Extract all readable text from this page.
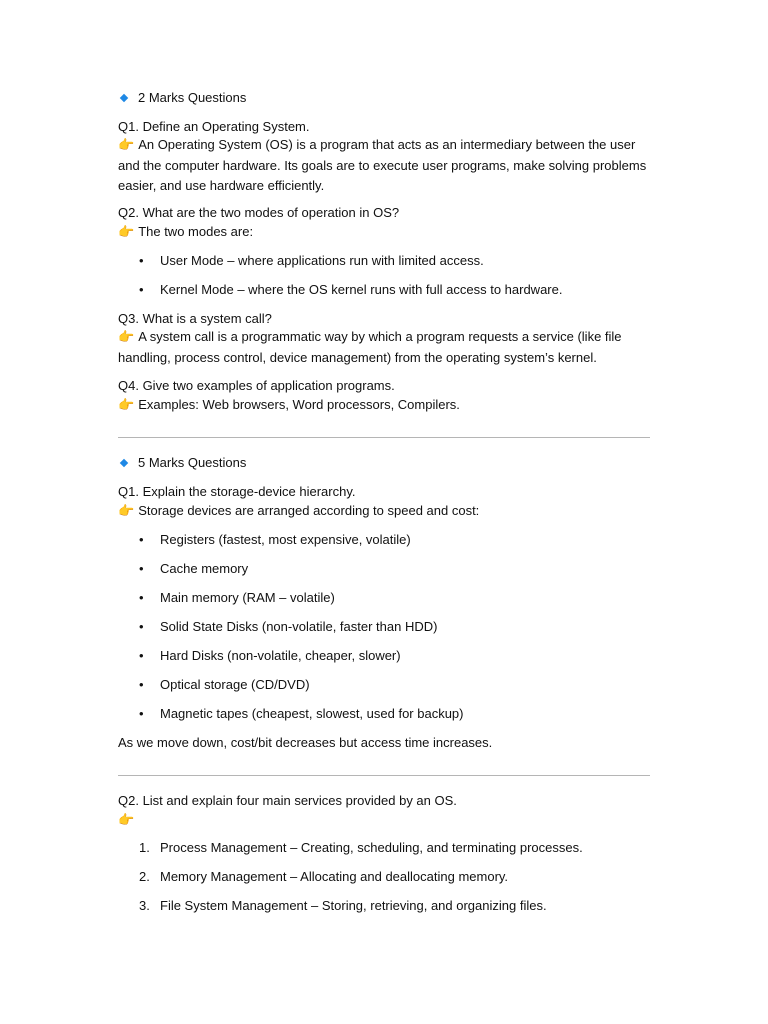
2 Marks Questions
Q1. Define an Operating System.
👉 An Operating System (OS) is a program that acts as an intermediary between the user
and the computer hardware. Its goals are to execute user programs, make solving problems
easier, and use hardware efficiently.
Q2. What are the two modes of operation in OS?
👉 The two modes are:
• User Mode – where applications run with limited access.
• Kernel Mode – where the OS kernel runs with full access to hardware.
Q3. What is a system call?
👉 A system call is a programmatic way by which a program requests a service (like file
handling, process control, device management) from the operating system’s kernel.
Q4. Give two examples of application programs.
👉 Examples: Web browsers, Word processors, Compilers.
5 Marks Questions
Q1. Explain the storage-device hierarchy.
👉 Storage devices are arranged according to speed and cost:
• Registers (fastest, most expensive, volatile)
• Cache memory
• Main memory (RAM – volatile)
• Solid State Disks (non-volatile, faster than HDD)
• Hard Disks (non-volatile, cheaper, slower)
• Optical storage (CD/DVD)
• Magnetic tapes (cheapest, slowest, used for backup)
As we move down, cost/bit decreases but access time increases.
Q2. List and explain four main services provided by an OS.
👉
1. Process Management – Creating, scheduling, and terminating processes.
2. Memory Management – Allocating and deallocating memory.
3. File System Management – Storing, retrieving, and organizing files.
